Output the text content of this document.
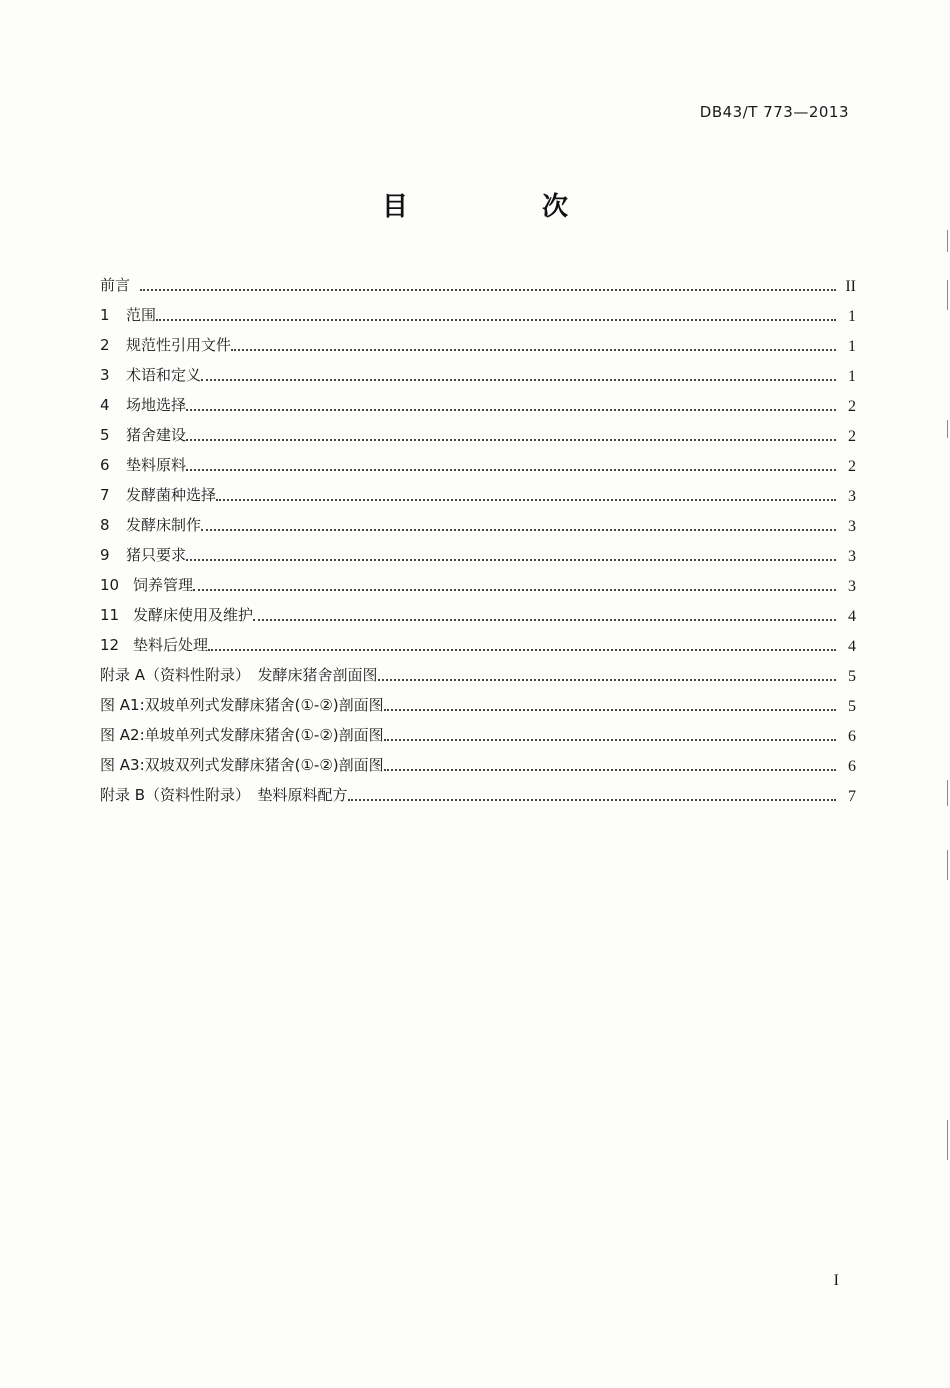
DB43/T 773—2013
目　次
前言	II
1	范围	1
2	规范性引用文件	1
3	术语和定义	1
4	场地选择	2
5	猪舍建设	2
6	垫料原料	2
7	发酵菌种选择	3
8	发酵床制作	3
9	猪只要求	3
10 饲养管理	3
11 发酵床使用及维护	4
12 垫料后处理	4
附录 A（资料性附录）　发酵床猪舍剖面图	5
图 A1:双坡单列式发酵床猪舍(①-②)剖面图	5
图 A2:单坡单列式发酵床猪舍(①-②)剖面图	6
图 A3:双坡双列式发酵床猪舍(①-②)剖面图	6
附录 B（资料性附录）　垫料原料配方	7
I
